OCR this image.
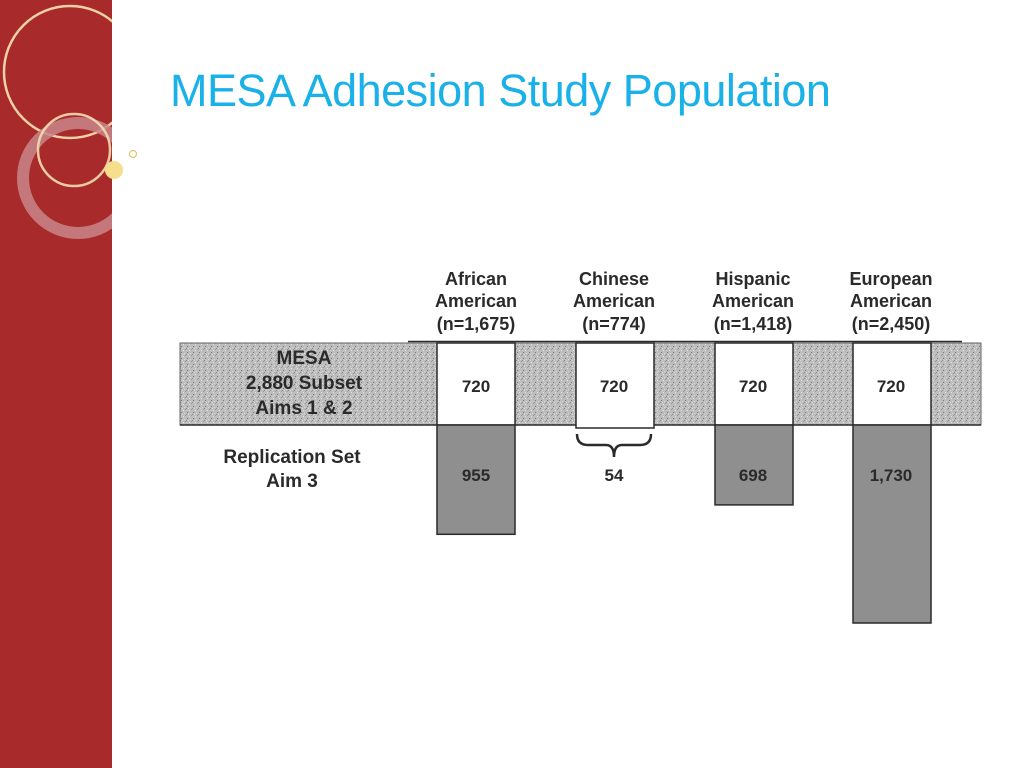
MESA Adhesion Study Population
MESA
2,880 Subset
Aims 1 & 2
Replication Set
Aim 3
African
American
(n=1,675)
720
955
Chinese
American
(n=774)
720
54
Hispanic
American
(n=1,418)
720
698
European
American
(n=2,450)
720
1,730
